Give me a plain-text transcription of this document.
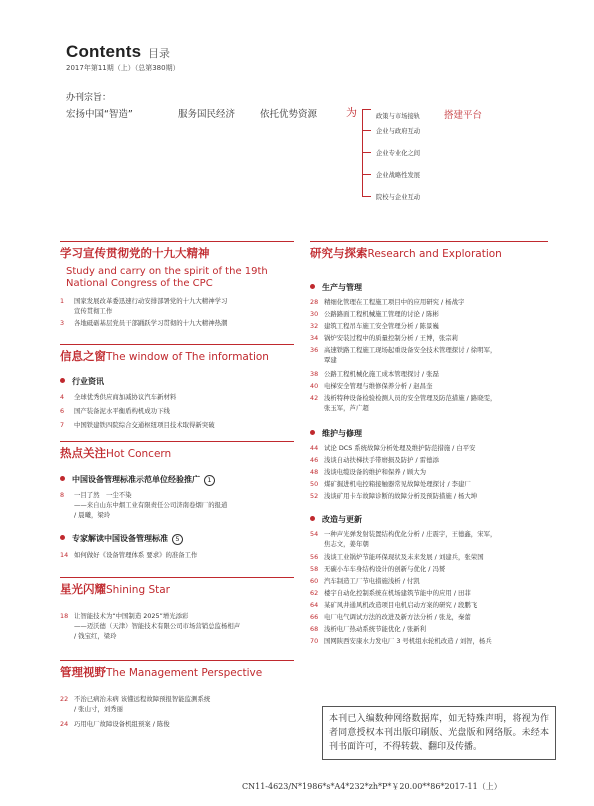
Contents 目录
2017年第11期（上）（总第380期）
办刊宗旨：
宏扬中国“智造”	服务国民经济	依托优势资源	为	搭建平台
政策与市场接轨
企业与政府互动
企业专业化之间
企业战略性发展
院校与企业互动
学习宣传贯彻党的十九大精神
Study and carry on the spirit of the 19th National Congress of the CPC
1 国家发展改革委迅速行动安排部署党的十九大精神学习
宣传贯彻工作
3 各地砥砺基层党员干部踊跃学习贯彻的十九大精神热潮
信息之窗The window of The information
行业资讯
4 全球优秀供应商加减协议汽车新材料
6 国产装备泥水平衡盾构机成功下线
7 中国铁建铁四院综合交通枢纽项目技术取得新突破
热点关注Hot Concern
中国设备管理标准示范单位经验推广 1
8 一目了然　一尘不染
——来自山东中烟工业有限责任公司济南卷烟厂的报道
/ 晨曦，梁玲
专家解读中国设备管理标准 5
14 如何做好《设备管理体系 要求》的准备工作
星光闪耀Shining Star
18 让智能技术为“中国制造 2025”增光添彩
——迈沃德（天津）智能技术有限公司市场营销总监杨相声
/ 钱宝红，梁玲
管理视野The Management Perspective
22 不治已病治未病 该懂远程故障预报智能监测系统
/ 张山寸，刘秀丽
24 巧用电厂故障设备机组预案 / 陈俊
研究与探索Research and Exploration
生产与管理
28 精细化管理在工程施工项目中的应用研究 / 杨战宇
30 公路路面工程机械施工管理的讨论 / 陈彬
32 建筑工程吊车施工安全管理分析 / 陈景巍
34 锅炉安装过程中的质量控制分析 / 王博，张宗莉
36 高速铁路工程施工现场起重设备安全技术管理探讨 / 徐明军，
覃建
38 公路工程机械化施工成本管理探讨 / 张磊
40 电梯安全管理与维修保养分析 / 赵昌奎
42 浅析特种设备检验检测人员的安全管理及防范措施 / 路晓雯，
张玉军，芦广超
维护与修理
44 试论 DCS 系统故障分析处理及维护防范措施 / 白平安
46 浅谈自动扶梯扶手带磨损及防护 / 雷德添
48 浅谈电缆设备的维护和保养 / 顾大为
50 煤矿掘进机电控箱接触器常见故障处理探讨 / 李建厂
52 浅谈矿用卡车故障诊断的故障分析及预防措施 / 杨大坤
改造与更新
54 一种声光弹发射装置结构优化分析 / 庄震宇，王德鑫，宋军，
焦志文，姜年朝
56 浅谈工业锅炉节能环保现状及未来发展 / 刘建兵，张荣国
58 无碳小车车身结构设计的创新与优化 / 冯赟
60 汽车制造工厂节电措施浅析 / 付凯
62 楼宇自动化控制系统在机场建筑节能中的应用 / 田菲
64 某矿风井通风机改造项目电机启动方案的研究 / 段鹏飞
66 电厂电气调试方法的改进及新方法分析 / 张龙，秦蕾
68 浅析电厂热动系统节能优化 / 张新利
70 国网陕西安康水力发电厂 3 号机组水轮机改造 / 刘智，杨兵
本刊已入编数种网络数据库，如无特殊声明，将视为作者同意授权本刊出版印刷版、光盘版和网络版。未经本刊书面许可，不得转载、翻印及传播。
CN11-4623/N*1986*s*A4*232*zh*P*￥20.00**86*2017-11（上）
